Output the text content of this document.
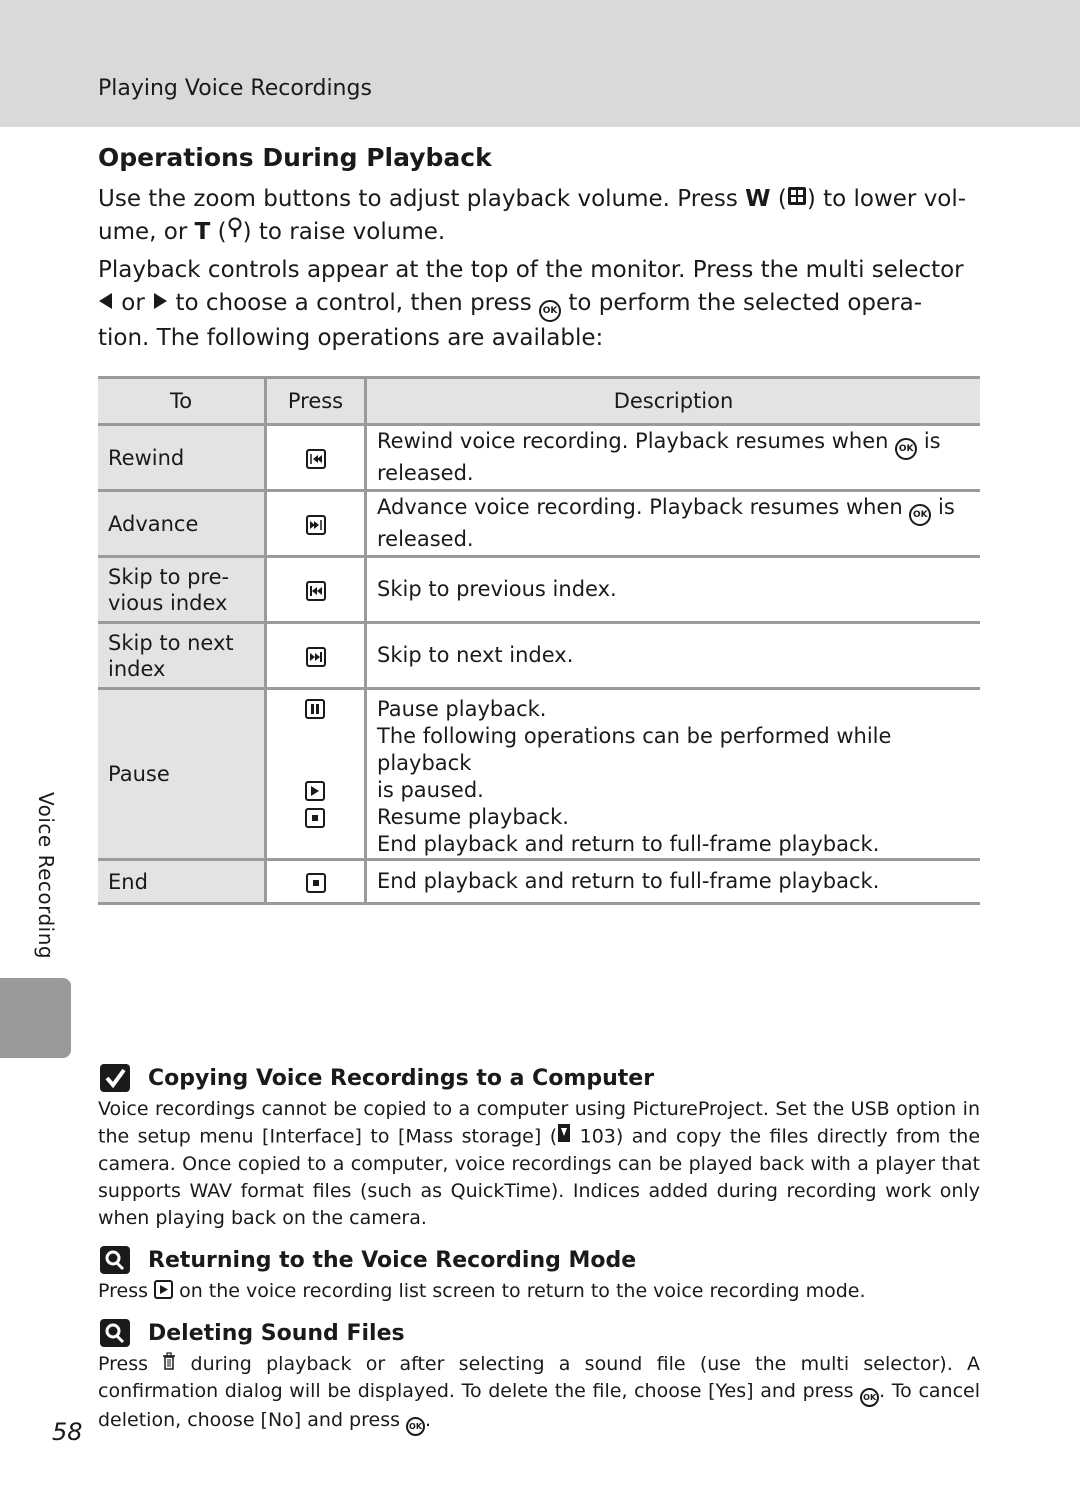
Playing Voice Recordings
Operations During Playback
Use the zoom buttons to adjust playback volume. Press W ( ) to lower vol-
ume, or T ( ) to raise volume.
Playback controls appear at the top of the monitor. Press the multi selector
or  to choose a control, then press OK to perform the selected opera-
tion. The following operations are available:
To	Press	Description
Rewind		Rewind voice recording. Playback resumes when OK is
released.
Advance		Advance voice recording. Playback resumes when OK is
released.
Skip to pre-
vious index		Skip to previous index.
Skip to next
index		Skip to next index.
Pause		Pause playback.
The following operations can be performed while playback
is paused.
Resume playback.
End playback and return to full-frame playback.

End		End playback and return to full-frame playback.
Voice Recording
Copying Voice Recordings to a Computer
Voice recordings cannot be copied to a computer using PictureProject. Set the USB option in the setup menu [Interface] to [Mass storage] ( 103) and copy the files directly from the camera. Once copied to a computer, voice recordings can be played back with a player that supports WAV format files (such as QuickTime). Indices added during recording work only when playing back on the camera.
Returning to the Voice Recording Mode
Press
on the voice recording list screen to return to the voice recording mode.
Deleting Sound Files
Press  during playback or after selecting a sound file (use the multi selector). A confirmation dialog will be displayed. To delete the file, choose [Yes] and press OK . To cancel deletion, choose [No] and press OK .
58
